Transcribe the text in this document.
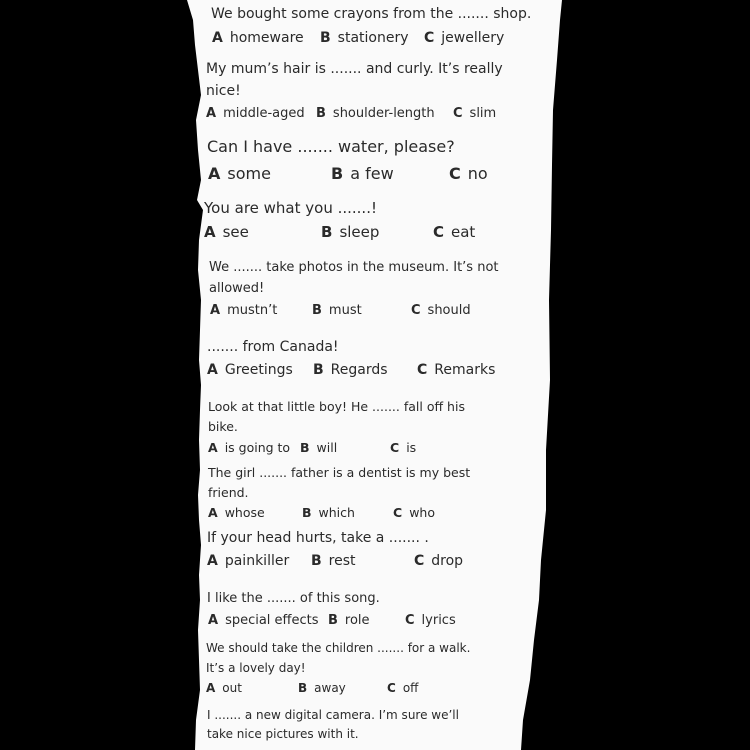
We bought some crayons from the ....... shop.
A homeware B stationery C jewellery
My mum’s hair is ....... and curly. It’s really
nice!
A middle-aged B shoulder-length C slim
Can I have ....... water, please?
A some	B a few	C no
You are what you .......!
A see	B sleep	C eat
We ....... take photos in the museum. It’s not
allowed!
A mustn’t	B must	C should
....... from Canada!
A Greetings B Regards C Remarks
Look at that little boy! He ....... fall off his
bike.
A is going to B will	C is
The girl ....... father is a dentist is my best
friend.
A whose	B which	C who
If your head hurts, take a ....... .
A painkiller B rest	C drop
I like the ....... of this song.
A special effects B role	C lyrics
We should take the children ....... for a walk.
It’s a lovely day!
A out	B away	C off
I ....... a new digital camera. I’m sure we’ll
take nice pictures with it.
